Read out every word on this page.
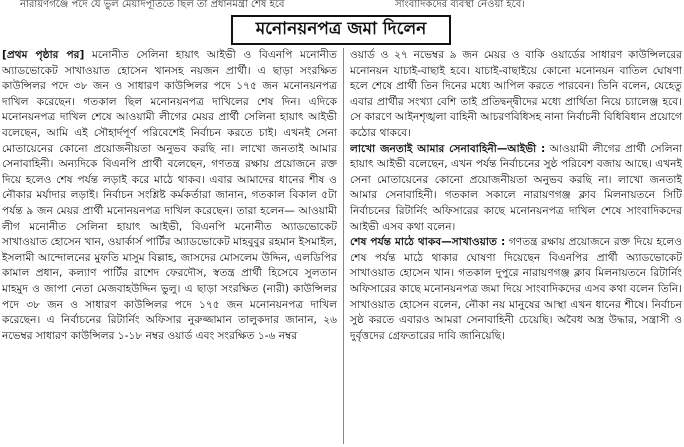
নারায়ণগঞ্জে পদে যে ভুল মেয়াদপূর্তিতে ছিল তা প্রধানমন্ত্রী শেষ হবে	সাংবাদিকদের ব্যবস্থা নেওয়া হবে।
মনোনয়নপত্র জমা দিলেন

[প্রথম পৃষ্ঠার পর] মনোনীত সেলিনা হায়াৎ আইভী ও বিএনপি মনোনীত অ্যাডভোকেট সাখাওয়াত হোসেন খানসহ নয়জন প্রার্থী। এ ছাড়া সংরক্ষিত কাউন্সিলর পদে ৩৮ জন ও সাধারণ কাউন্সিলর পদে ১৭৫ জন মনোনয়নপত্র দাখিল করেছেন। গতকাল ছিল মনোনয়নপত্র দাখিলের শেষ দিন। এদিকে মনোনয়নপত্র দাখিল শেষে আওয়ামী লীগের মেয়র প্রার্থী সেলিনা হায়াৎ আইভী বলেছেন, আমি এই সৌহার্দপূর্ণ পরিবেশেই নির্বাচন করতে চাই। এখনই সেনা মোতায়েনের কোনো প্রয়োজনীয়তা অনুভব করছি না। লাখো জনতাই আমার সেনাবাহিনী। অন্যদিকে বিএনপি প্রার্থী বলেছেন, গণতন্ত্র রক্ষায় প্রয়োজনে রক্ত দিয়ে হলেও শেষ পর্যন্ত লড়াই করে মাঠে থাকব। এবার আমাদের ধানের শীষ ও নৌকার মর্যাদার লড়াই। নির্বাচন সংশ্লিষ্ট কর্মকর্তারা জানান, গতকাল বিকাল ৫টা পর্যন্ত ৯ জন মেয়র প্রার্থী মনোনয়নপত্র দাখিল করেছেন। তারা হলেন— আওয়ামী লীগ মনোনীত সেলিনা হায়াৎ আইভী, বিএনপি মনোনীত অ্যাডভোকেট সাখাওয়াত হোসেন খান, ওয়ার্কার্স পার্টির অ্যাডভোকেট মাহবুবুর রহমান ইসমাইল, ইসলামী আন্দোলনের মুফতি মাসুম বিল্লাহ, জাসদের মোসলেম উদ্দিন, এলডিপির কামাল প্রধান, কল্যাণ পার্টির রাশেদ ফেরদৌস, স্বতন্ত্র প্রার্থী হিসেবে সুলতান মাহমুদ ও জাপা নেতা মেজবাহউদ্দিন ভুলু। এ ছাড়া সংরক্ষিত (নারী) কাউন্সিলর পদে ৩৮ জন ও সাধারণ কাউন্সিলর পদে ১৭৫ জন মনোনয়নপত্র দাখিল করেছেন। এ নির্বাচনের রিটার্নিং অফিসার নুরুজ্জামান তালুকদার জানান, ২৬ নভেম্বর সাধারণ কাউন্সিলর ১-১৮ নম্বর ওয়ার্ড এবং সংরক্ষিত ১-৬ নম্বর

ওয়ার্ড ও ২৭ নভেম্বর ৯ জন মেয়র ও বাকি ওয়ার্ডের সাধারণ কাউন্সিলরের মনোনয়ন যাচাই-বাছাই হবে। যাচাই-বাছাইয়ে কোনো মনোনয়ন বাতিল ঘোষণা হলে শেষে প্রার্থী তিন দিনের মধ্যে আপিল করতে পারবেন। তিনি বলেন, যেহেতু এবার প্রার্থীর সংখ্যা বেশি তাই প্রতিদ্বন্দ্বীদের মধ্যে প্রার্থিতা নিয়ে চ্যালেঞ্জ হবে। সে কারণে আইনশৃঙ্খলা বাহিনী আচরণবিধিসহ নানা নির্বাচনী বিধিবিধান প্রয়োগে কঠোর থাকবে।

লাখো জনতাই আমার সেনাবাহিনী—আইভী : আওয়ামী লীগের প্রার্থী সেলিনা হায়াৎ আইভী বলেছেন, এখন পর্যন্ত নির্বাচনের সুষ্ঠ পরিবেশ বজায় আছে। এখনই সেনা মোতায়েনের কোনো প্রয়োজনীয়তা অনুভব করছি না। লাখো জনতাই আমার সেনাবাহিনী। গতকাল সকালে নারায়ণগঞ্জ ক্লাব মিলনায়তনে সিটি নির্বাচনের রিটার্নিং অফিসারের কাছে মনোনয়নপত্র দাখিল শেষে সাংবাদিকদের আইভী এসব কথা বলেন।

শেষ পর্যন্ত মাঠে থাকব—সাখাওয়াত : গণতন্ত্র রক্ষায় প্রয়োজনে রক্ত দিয়ে হলেও শেষ পর্যন্ত মাঠে থাকার ঘোষণা দিয়েছেন বিএনপির প্রার্থী অ্যাডভোকেট সাখাওয়াত হোসেন খান। গতকাল দুপুরে নারায়ণগঞ্জ ক্লাব মিলনায়তনে রিটার্নিং অফিসারের কাছে মনোনয়নপত্র জমা দিয়ে সাংবাদিকদের এসব কথা বলেন তিনি। সাখাওয়াত হোসেন বলেন, নৌকা নয় মানুষের আস্থা এখন ধানের শীষে। নির্বাচন সুষ্ঠ করতে এবারও আমরা সেনাবাহিনী চেয়েছি। অবৈধ অস্ত্র উদ্ধার, সন্ত্রাসী ও দুর্বৃত্তদের গ্রেফতারের দাবি জানিয়েছি।
